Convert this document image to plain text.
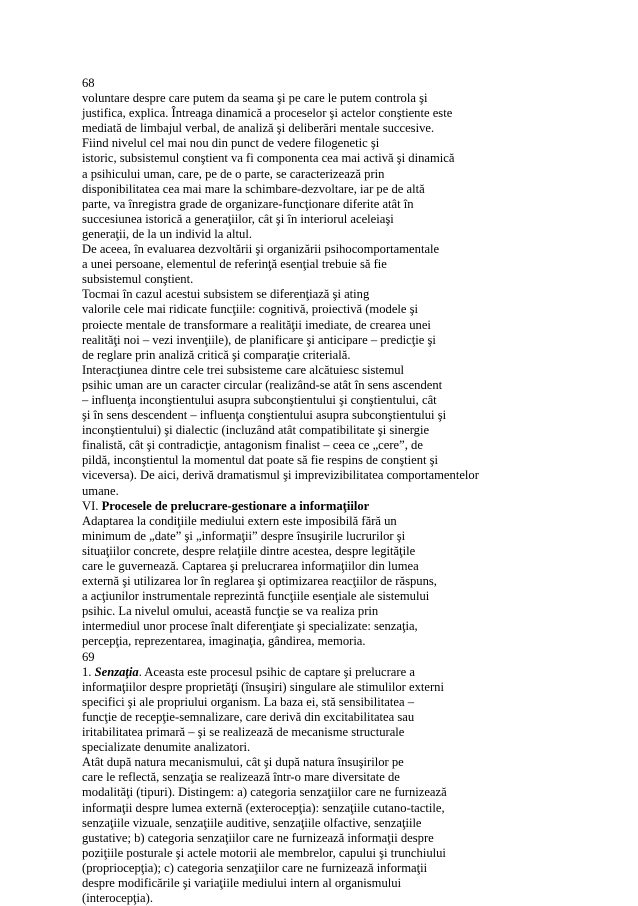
68
voluntare despre care putem da seama şi pe care le putem controla şi
justifica, explica. Întreaga dinamică a proceselor şi actelor conştiente este
mediată de limbajul verbal, de analiză şi deliberări mentale succesive.
Fiind nivelul cel mai nou din punct de vedere filogenetic şi
istoric, subsistemul conştient va fi componenta cea mai activă şi dinamică
a psihicului uman, care, pe de o parte, se caracterizează prin
disponibilitatea cea mai mare la schimbare-dezvoltare, iar pe de altă
parte, va înregistra grade de organizare-funcţionare diferite atât în
succesiunea istorică a generaţiilor, cât şi în interiorul aceleiaşi
generaţii, de la un individ la altul.
De aceea, în evaluarea dezvoltării şi organizării psihocomportamentale
a unei persoane, elementul de referinţă esenţial trebuie să fie
subsistemul conştient.
Tocmai în cazul acestui subsistem se diferenţiază şi ating
valorile cele mai ridicate funcţiile: cognitivă, proiectivă (modele şi
proiecte mentale de transformare a realităţii imediate, de crearea unei
realităţi noi – vezi invenţiile), de planificare şi anticipare – predicţie şi
de reglare prin analiză critică şi comparaţie criterială.
Interacţiunea dintre cele trei subsisteme care alcătuiesc sistemul
psihic uman are un caracter circular (realizând-se atât în sens ascendent
– influenţa inconştientului asupra subconştientului şi conştientului, cât
şi în sens descendent – influenţa conştientului asupra subconştientului şi
inconştientului) şi dialectic (incluzând atât compatibilitate şi sinergie
finalistă, cât şi contradicţie, antagonism finalist – ceea ce „cere”, de
pildă, inconştientul la momentul dat poate să fie respins de conştient şi
viceversa). De aici, derivă dramatismul şi imprevizibilitatea comportamentelor
umane.
VI. Procesele de prelucrare-gestionare a informaţiilor
Adaptarea la condiţiile mediului extern este imposibilă fără un
minimum de „date” şi „informaţii” despre însuşirile lucrurilor şi
situaţiilor concrete, despre relaţiile dintre acestea, despre legităţile
care le guvernează. Captarea şi prelucrarea informaţiilor din lumea
externă şi utilizarea lor în reglarea şi optimizarea reacţiilor de răspuns,
a acţiunilor instrumentale reprezintă funcţiile esenţiale ale sistemului
psihic. La nivelul omului, această funcţie se va realiza prin
intermediul unor procese înalt diferenţiate şi specializate: senzaţia,
percepţia, reprezentarea, imaginaţia, gândirea, memoria.
69
1. Senzaţia. Aceasta este procesul psihic de captare şi prelucrare a
informaţiilor despre proprietăţi (însuşiri) singulare ale stimulilor externi
specifici şi ale propriului organism. La baza ei, stă sensibilitatea –
funcţie de recepţie-semnalizare, care derivă din excitabilitatea sau
iritabilitatea primară – şi se realizează de mecanisme structurale
specializate denumite analizatori.
Atât după natura mecanismului, cât şi după natura însuşirilor pe
care le reflectă, senzaţia se realizează într-o mare diversitate de
modalităţi (tipuri). Distingem: a) categoria senzaţiilor care ne furnizează
informaţii despre lumea externă (exterocepţia): senzaţiile cutano-tactile,
senzaţiile vizuale, senzaţiile auditive, senzaţiile olfactive, senzaţiile
gustative; b) categoria senzaţiilor care ne furnizează informaţii despre
poziţiile posturale şi actele motorii ale membrelor, capului şi trunchiului
(propriocepţia); c) categoria senzaţiilor care ne furnizează informaţii
despre modificările şi variaţiile mediului intern al organismului
(interocepţia).
